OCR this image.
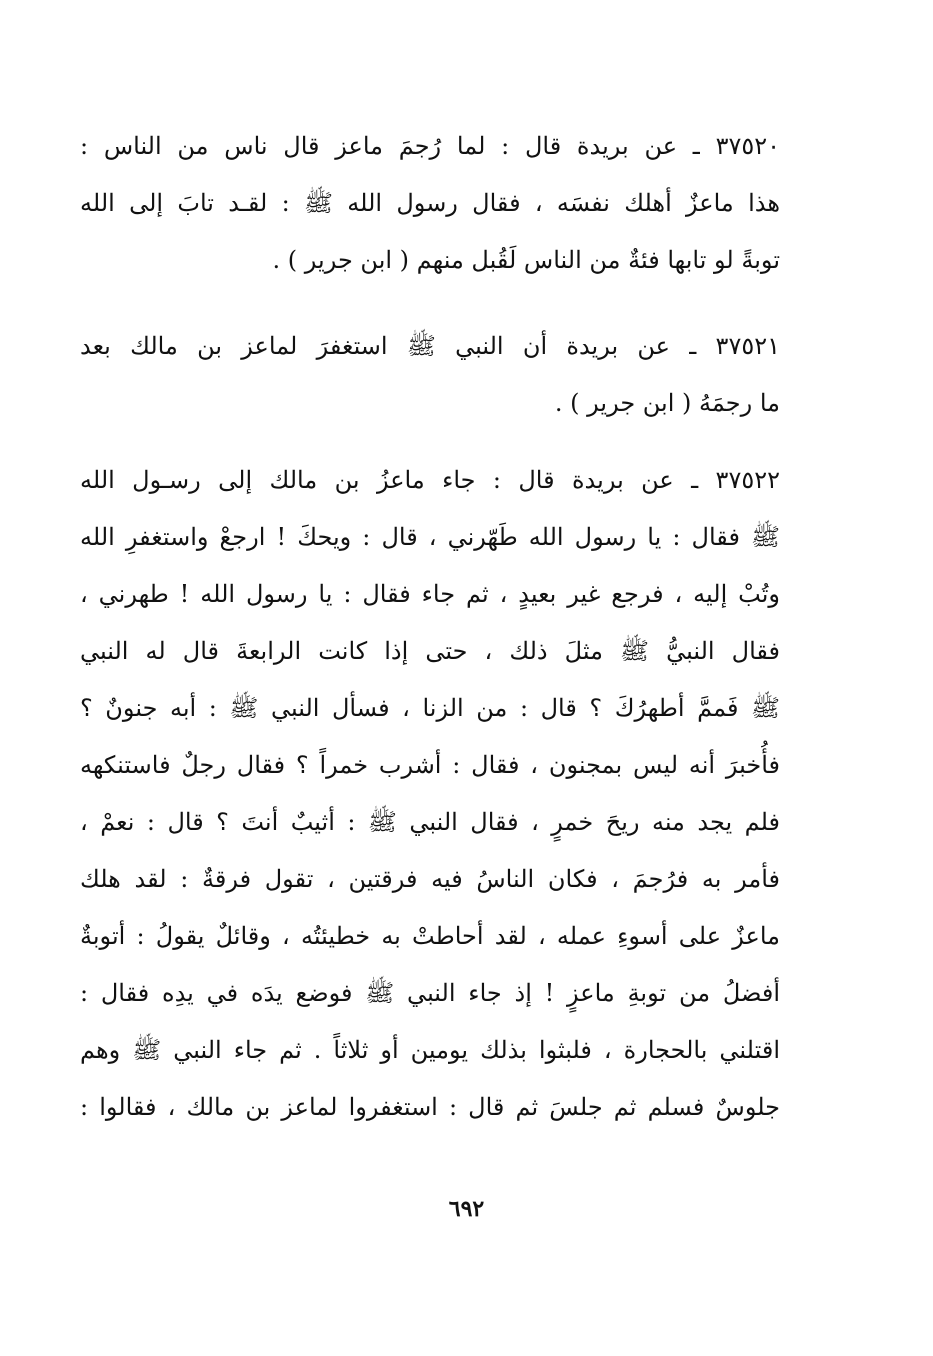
٣٧٥٢٠ ـ عن بريدة قال : لما رُجمَ ماعز قال ناس من الناس :
هذا ماعزٌ أهلك نفسَه ، فقال رسول الله ﷺ : لقـد تابَ إلى الله
توبةً لو تابها فئةٌ من الناس لَقُبل منهم ( ابن جرير ) .
٣٧٥٢١ ـ عن بريدة أن النبي ﷺ استغفرَ لماعز بن مالك بعد
ما رجمَهُ ( ابن جرير ) .
٣٧٥٢٢ ـ عن بريدة قال : جاء ماعزُ بن مالك إلى رسـول الله
ﷺ فقال : يا رسول الله طَهّرني ، قال : ويحكَ ! ارجعْ واستغفرِ الله
وتُبْ إليه ، فرجع غير بعيدٍ ، ثم جاء فقال : يا رسول الله ! طهرني ،
فقال النبيُّ ﷺ مثلَ ذلك ، حتى إذا كانت الرابعةَ قال له النبي
ﷺ فَممَّ أطهرُكَ ؟ قال : من الزنا ، فسأل النبي ﷺ : أبه جنونٌ ؟
فأُخبرَ أنه ليس بمجنون ، فقال : أشرب خمراً ؟ فقال رجلٌ فاستنكهه
فلم يجد منه ريحَ خمرٍ ، فقال النبي ﷺ : أثيبٌ أنتَ ؟ قال : نعمْ ،
فأمر به فرُجمَ ، فكان الناسُ فيه فرقتين ، تقول فرقةٌ : لقد هلك
ماعزٌ على أسوءِ عمله ، لقد أحاطتْ به خطيئتُه ، وقائلٌ يقولُ : أتوبةٌ
أفضلُ من توبةِ ماعزٍ ! إذ جاء النبي ﷺ فوضع يدَه في يدِه فقال :
اقتلني بالحجارة ، فلبثوا بذلك يومين أو ثلاثاً . ثم جاء النبي ﷺ وهم
جلوسٌ فسلم ثم جلسَ ثم قال : استغفروا لماعز بن مالك ، فقالوا :
٦٩٢
